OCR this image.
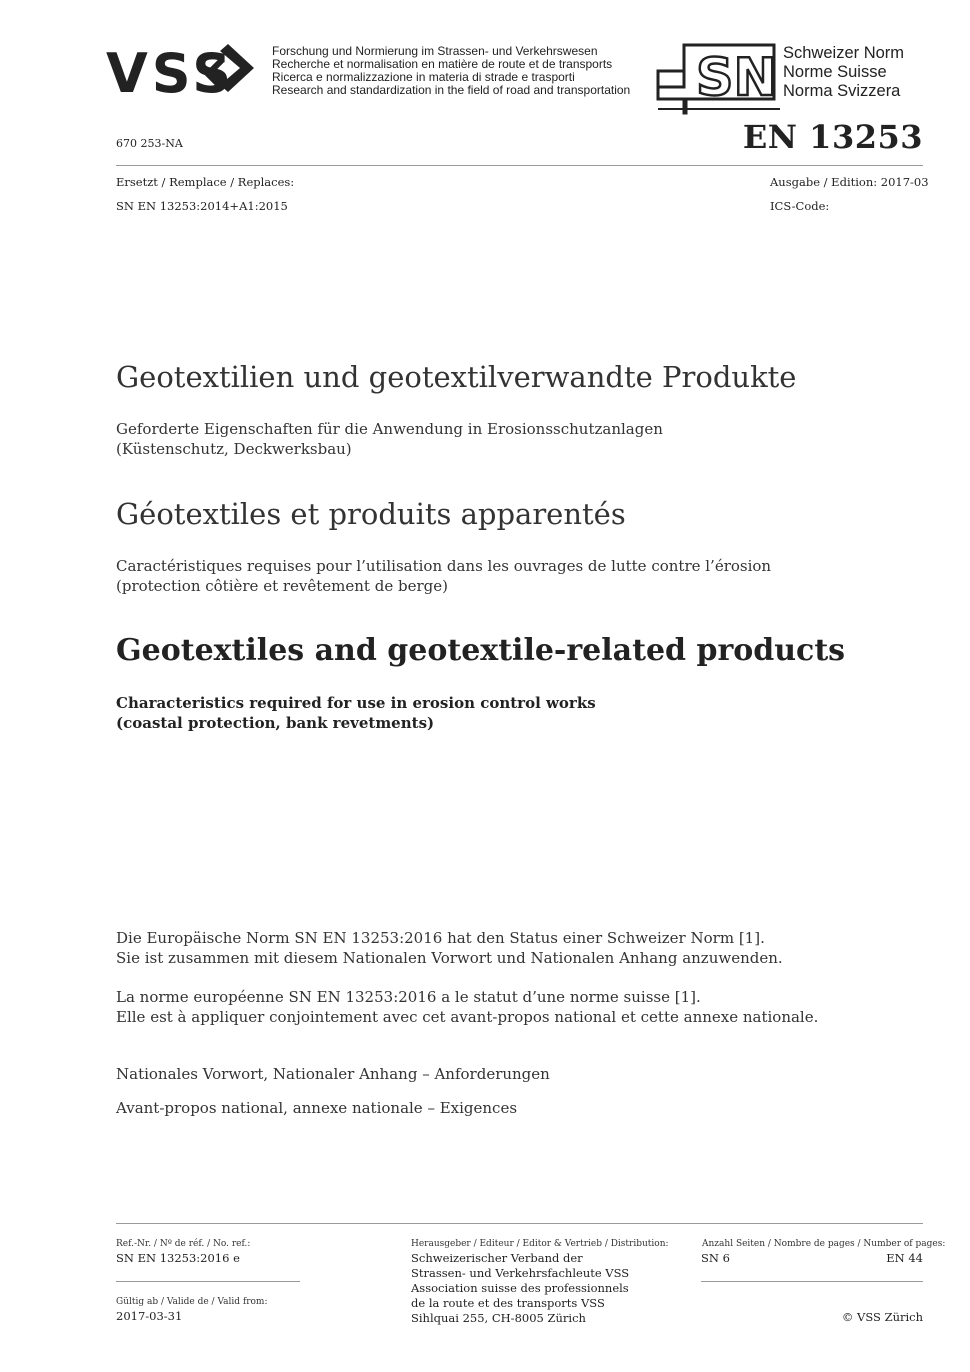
VSS	Forschung und Normierung im Strassen- und Verkehrswesen
Recherche et normalisation en matière de route et de transports
Ricerca e normalizzazione in materia di strade e trasporti
Research and standardization in the field of road and transportation SN Schweizer Norm
Norme Suisse
Norma Svizzera
670 253-NA	EN 13253
Ersetzt / Remplace / Replaces:
SN EN 13253:2014+A1:2015
Ausgabe / Edition: 2017-03
ICS-Code:
Geotextilien und geotextilverwandte Produkte
Geforderte Eigenschaften für die Anwendung in Erosionsschutzanlagen
(Küstenschutz, Deckwerksbau)
Géotextiles et produits apparentés
Caractéristiques requises pour l’utilisation dans les ouvrages de lutte contre l’érosion
(protection côtière et revêtement de berge)
Geotextiles and geotextile-related products
Characteristics required for use in erosion control works
(coastal protection, bank revetments)
Die Europäische Norm SN EN 13253:2016 hat den Status einer Schweizer Norm [1].
Sie ist zusammen mit diesem Nationalen Vorwort und Nationalen Anhang anzuwenden.
La norme européenne SN EN 13253:2016 a le statut d’une norme suisse [1].
Elle est à appliquer conjointement avec cet avant-propos national et cette annexe nationale.
Nationales Vorwort, Nationaler Anhang – Anforderungen
Avant-propos national, annexe nationale – Exigences
Ref.-Nr. / Nº de réf. / No. ref.:
SN EN 13253:2016 e
Gültig ab / Valide de / Valid from:
2017-03-31
Herausgeber / Editeur / Editor & Vertrieb / Distribution:
Schweizerischer Verband der
Strassen- und Verkehrsfachleute VSS
Association suisse des professionnels
de la route et des transports VSS
Sihlquai 255, CH-8005 Zürich
Anzahl Seiten / Nombre de pages / Number of pages:
SN 6	EN 44
© VSS Zürich
